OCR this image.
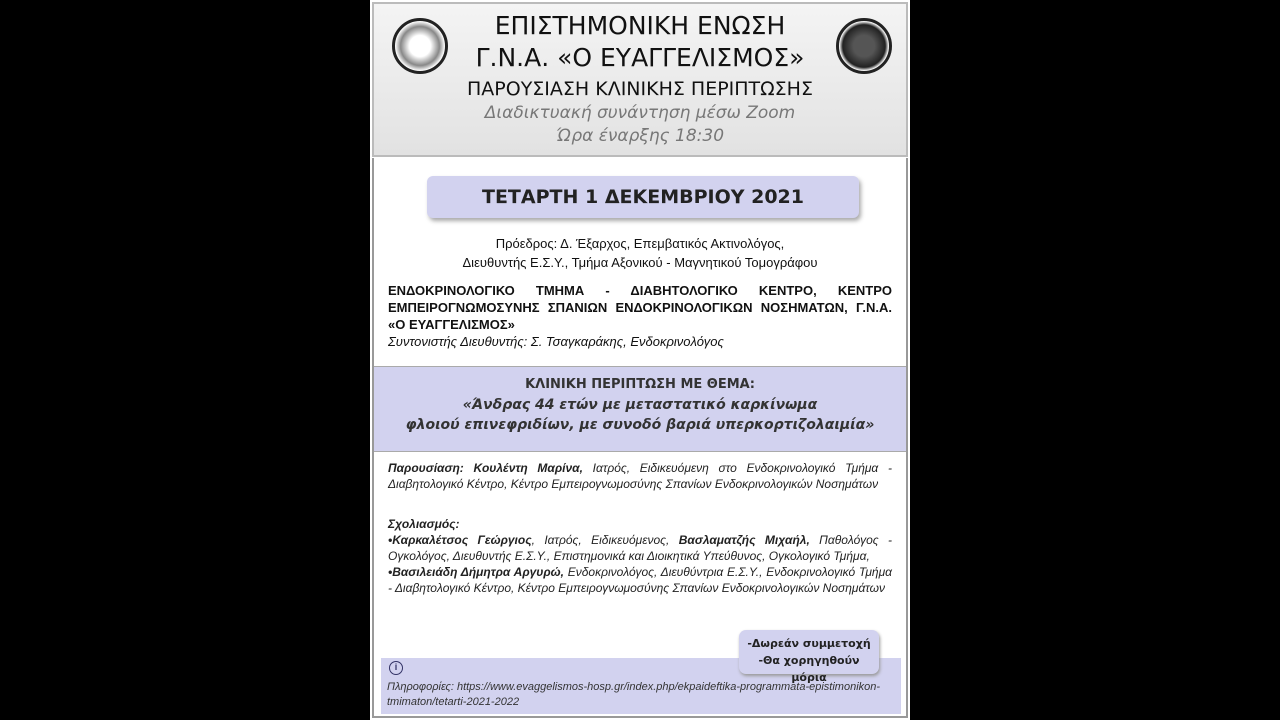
ΕΠΙΣΤΗΜΟΝΙΚΗ ΕΝΩΣΗ
Γ.Ν.Α. «Ο ΕΥΑΓΓΕΛΙΣΜΟΣ»
ΠΑΡΟΥΣΙΑΣΗ ΚΛΙΝΙΚΗΣ ΠΕΡΙΠΤΩΣΗΣ
Διαδικτυακή συνάντηση μέσω Zoom
Ώρα έναρξης 18:30
ΤΕΤΑΡΤΗ 1 ΔΕΚΕΜΒΡΙΟΥ 2021
Πρόεδρος: Δ. Έξαρχος, Επεμβατικός Ακτινολόγος,
Διευθυντής Ε.Σ.Υ., Τμήμα Αξονικού - Μαγνητικού Τομογράφου
ΕΝΔΟΚΡΙΝΟΛΟΓΙΚΟ ΤΜΗΜΑ - ΔΙΑΒΗΤΟΛΟΓΙΚΟ ΚΕΝΤΡΟ, ΚΕΝΤΡΟ ΕΜΠΕΙΡΟΓΝΩΜΟΣΥΝΗΣ ΣΠΑΝΙΩΝ ΕΝΔΟΚΡΙΝΟΛΟΓΙΚΩΝ ΝΟΣΗΜΑΤΩΝ, Γ.Ν.Α. «Ο ΕΥΑΓΓΕΛΙΣΜΟΣ»
Συντονιστής Διευθυντής: Σ. Τσαγκαράκης, Ενδοκρινολόγος
ΚΛΙΝΙΚΗ ΠΕΡΙΠΤΩΣΗ ΜΕ ΘΕΜΑ:
«Άνδρας 44 ετών με μεταστατικό καρκίνωμα
φλοιού επινεφριδίων, με συνοδό βαριά υπερκορτιζολαιμία»
Παρουσίαση: Κουλέντη Μαρίνα, Ιατρός, Ειδικευόμενη στο Ενδοκρινολογικό Τμήμα - Διαβητολογικό Κέντρο, Κέντρο Εμπειρογνωμοσύνης Σπανίων Ενδοκρινολογικών Νοσημάτων
Σχολιασμός:
•Καρκαλέτσος Γεώργιος, Ιατρός, Ειδικευόμενος, Βασλαματζής Μιχαήλ, Παθολόγος - Ογκολόγος, Διευθυντής Ε.Σ.Υ., Επιστημονικά και Διοικητικά Υπεύθυνος, Ογκολογικό Τμήμα,
•Βασιλειάδη Δήμητρα Αργυρώ, Ενδοκρινολόγος, Διευθύντρια Ε.Σ.Υ., Ενδοκρινολογικό Τμήμα - Διαβητολογικό Κέντρο, Κέντρο Εμπειρογνωμοσύνης Σπανίων Ενδοκρινολογικών Νοσημάτων
-Δωρεάν συμμετοχή
-Θα χορηγηθούν μόρια
i
Πληροφορίες: https://www.evaggelismos-hosp.gr/index.php/ekpaideftika-programmata-epistimonikon-tmimaton/tetarti-2021-2022
